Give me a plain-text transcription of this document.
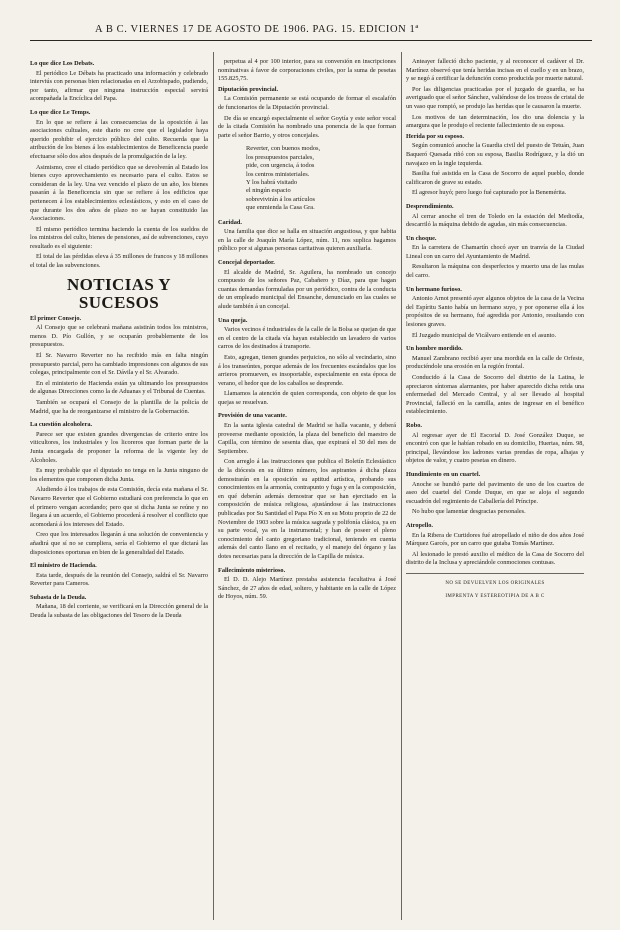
A B C. VIERNES 17 DE AGOSTO DE 1906. PAG. 15. EDICION 1ª
Lo que dice Los Debats.

El periódico Le Débats ha practicado una información y celebrado interviús con personas bien relacionadas en el Arzobispado, pudiendo, por tanto, afirmar que ninguna instrucción especial servirá acompañada la Encíclica del Papa.

Lo que dice Le Temps.

En lo que se refiere á las consecuencias de la oposición á las asociaciones cultuales, este diario no cree que el legislador haya querido prohibir el ejercicio público del culto. Recuerda que la atribución de los bienes á los establecimientos de Beneficencia puede efectuarse sólo dos años después de la promulgación de la ley.

Asimismo, cree el citado periódico que se devolverán al Estado los bienes cuyo aprovechamiento es necesario para el culto. Estos se consideran de la ley. Una vez vencido el plazo de un año, los bienes pasarán á la Beneficencia sin que se refiere á los edificios que pertenecen á los establecimientos eclesiásticos, y esto en el caso de que durante los dos años de plazo no se hayan constituido las Asociaciones.

El mismo periódico termina haciendo la cuenta de los sueldos de los ministros del culto, bienes de pensiones, así de subvenciones, cuyo resultado es el siguiente:

El total de las pérdidas eleva á 35 millones de francos y 18 millones el total de las subvenciones.

NOTICIAS Y SUCESOS
El primer Consejo.

Al Consejo que se celebrará mañana asistirán todos los ministros, menos D. Pío Gullón, y se ocuparán probablemente de los presupuestos.

El Sr. Navarro Reverter no ha recibido más en falta ningún presupuesto parcial, pero ha cambiado impresiones con algunos de sus colegas, principalmente con el Sr. Dávila y el Sr. Alvarado.

En el ministerio de Hacienda están ya ultimando los presupuestos de algunas Direcciones como la de Aduanas y el Tribunal de Cuentas.

También se ocupará el Consejo de la plantilla de la policía de Madrid, que ha de reorganizarse el ministro de la Gobernación.

La cuestión alcoholera.

Parece ser que existen grandes divergencias de criterio entre los viticultores, los industriales y los licoreros que forman parte de la Junta encargada de proponer la reforma de la vigente ley de Alcoholes.

Es muy probable que el diputado no tenga en la Junta ninguno de los elementos que componen dicha Junta.

Aludiendo á los trabajos de esta Comisión, decía esta mañana el Sr. Navarro Reverter que el Gobierno estudiará con preferencia lo que en el primero vengan acordando; pero que si dicha Junta se reúne y no llegara á un acuerdo, el Gobierno procederá á resolver el conflicto que acomodará á los intereses del Estado.

Creo que los interesados llegarán á una solución de conveniencia y añadirá que sí no se cumpliera, sería el Gobierno el que dictará las disposiciones oportunas en bien de la generalidad del Estado.

El ministro de Hacienda.

Esta tarde, después de la reunión del Consejo, saldrá el Sr. Navarro Reverter para Cameros.

Subasta de la Deuda.

Mañana, 18 del corriente, se verificará en la Dirección general de la Deuda la subasta de las obligaciones del Tesoro de la Deuda

perpetua al 4 por 100 interior, para su conversión en inscripciones nominativas á favor de corporaciones civiles, por la suma de pesetas 155.825,75.

Diputación provincial.

La Comisión permanente se está ocupando de formar el escalafón de funcionarios de la Diputación provincial.

De día se encargó especialmente el señor Goytía y este señor vocal de la citada Comisión ha nombrado una ponencia de la que forman parte el señor Barrio, y otros concejales.

Reverter, con buenos modos,
los presupuestos parciales,
pide, con urgencia, á todos
los centros ministeriales.
Y los habrá visitado
el ningún espacio
sobrevivirán á los artículos
que enmienda la Casa Gra.
Caridad.

Una familia que dice se halla en situación angustiosa, y que habita en la calle de Joaquín María López, núm. 11, nos suplica hagamos público por si algunas personas caritativas quieren auxiliarla.

Concejal deportador.

El alcalde de Madrid, Sr. Aguilera, ha nombrado un concejo compuesto de los señores Paz, Cabañero y Díaz, para que hagan cuantas demandas formuladas por un periódico, contra de la conducta de un empleado municipal del Ensanche, denunciado en las cuales se alude también á un concejal.

Una queja.

Varios vecinos é industriales de la calle de la Bolsa se quejan de que en el centro de la citada vía hayan establecido un lavadero de varios carros de los destinados á transporte.

Esto, agregan, tienen grandes perjuicios, no sólo al vecindario, sino á los transeúntes, porque además de los frecuentes escándalos que los arrieros promueven, es insoportable, especialmente en esta época de verano, el hedor que de los caballos se desprende.

Llamamos la atención de quien corresponda, con objeto de que los quejas se resuelvan.

Provisión de una vacante.

En la santa iglesia catedral de Madrid se halla vacante, y deberá proveerse mediante oposición, la plaza del beneficio del maestro de Capilla, con término de sesenta días, que expirará el 30 del mes de Septiembre.

Con arreglo á las instrucciones que publica el Boletín Eclesiástico de la diócesis en su último número, los aspirantes á dicha plaza demostrarán en la oposición su aptitud artística, probando sus conocimientos en la armonía, contrapunto y fuga y en la composición, en qué deberán además demostrar que se han ejercitado en la composición de música religiosa, ajustándose á las instrucciones publicadas por Su Santidad el Papa Pío X en su Motu proprio de 22 de Noviembre de 1903 sobre la música sagrada y polifonía clásica, ya en su parte vocal, ya en la instrumental; y han de poseer el pleno conocimiento del canto gregoriano tradicional, teniendo en cuenta además del canto llano en el recitado, y el manejo del órgano y las dotes necesarias para la dirección de la Capilla de música.

Fallecimiento misterioso.

El D. D. Alejo Martínez prestaba asistencia facultativa á José Sánchez, de 27 años de edad, soltero, y habitante en la calle de López de Hoyos, núm. 59.

Anteayer falleció dicho paciente, y al reconocer el cadáver el Dr. Martínez observó que tenía heridas incisas en el cuello y en un brazo, y se negó á certificar la defunción como producida por muerte natural.

Por las diligencias practicadas por el juzgado de guardia, se ha averiguado que el señor Sánchez, valiéndose de los trozos de cristal de un vaso que rompió, se produjo las heridas que le causaron la muerte.

Los motivos de tan determinación, los dio una dolencia y la amargura que le produjo el reciente fallecimiento de su esposa.

Herida por su esposo.

Según comunicó anoche la Guardia civil del puesto de Tetuán, Juan Baqueró Quesada riñó con su esposa, Basilia Rodríguez, y la dió un navajazo en la ingle izquierda.

Basilia fué asistida en la Casa de Socorro de aquel pueblo, donde calificaron de grave su estado.

El agresor huyó; pero luego fué capturado por la Benemérita.

Desprendimiento.

Al cerrar anoche el tren de Toledo en la estación del Mediodía, descarriló la máquina debido de agudas, sin más consecuencias.

Un choque.

En la carretera de Chamartín chocó ayer un tranvía de la Ciudad Lineal con un carro del Ayuntamiento de Madrid.

Resultaron la máquina con desperfectos y muerto una de las mulas del carro.

Un hermano furioso.

Antonio Arnot presentó ayer algunos objetos de la casa de la Vecina del Espíritu Santo había un hermano suyo, y por oponerse ella á los propósitos de su hermano, fué agredida por Antonio, resultando con lesiones graves.

El Juzgado municipal de Vicálvaro entiende en el asunto.

Un hombre mordido.

Manuel Zambrano recibió ayer una mordida en la calle de Orfeste, produciéndole una erosión en la región frontal.

Conducido á la Casa de Socorro del distrito de la Latina, le apreciaron síntomas alarmantes, por haber aparecido dicha reida una enfermedad del Mercado Central, y al ser llevado al hospital Provincial, falleció en la camilla, antes de ingresar en el benéfico establecimiento.

Robo.

Al regresar ayer de El Escorial D. José González Duque, se encontró con que le habían robado en su domicilio, Huertas, núm. 98, principal, llevándose los ladrones varias prendas de ropa, alhajas y objetos de valor, y cuatro pesetas en dinero.

Hundimiento en un cuartel.

Anoche se hundió parte del pavimento de uno de los cuartos de aseo del cuartel del Conde Duque, en que se aloja el segundo escuadrón del regimiento de Caballería del Príncipe.

No hubo que lamentar desgracias personales.

Atropello.

En la Ribera de Curtidores fué atropellado el niño de dos años José Márquez Garcés, por un carro que guiaba Tomás Martínez.

Al lesionado le prestó auxilio el médico de la Casa de Socorro del distrito de la Inclusa y apreciándole conmociones contusas.

NO SE DEVUELVEN LOS ORIGINALES
IMPRENTA Y ESTEREOTIPIA DE A B C
